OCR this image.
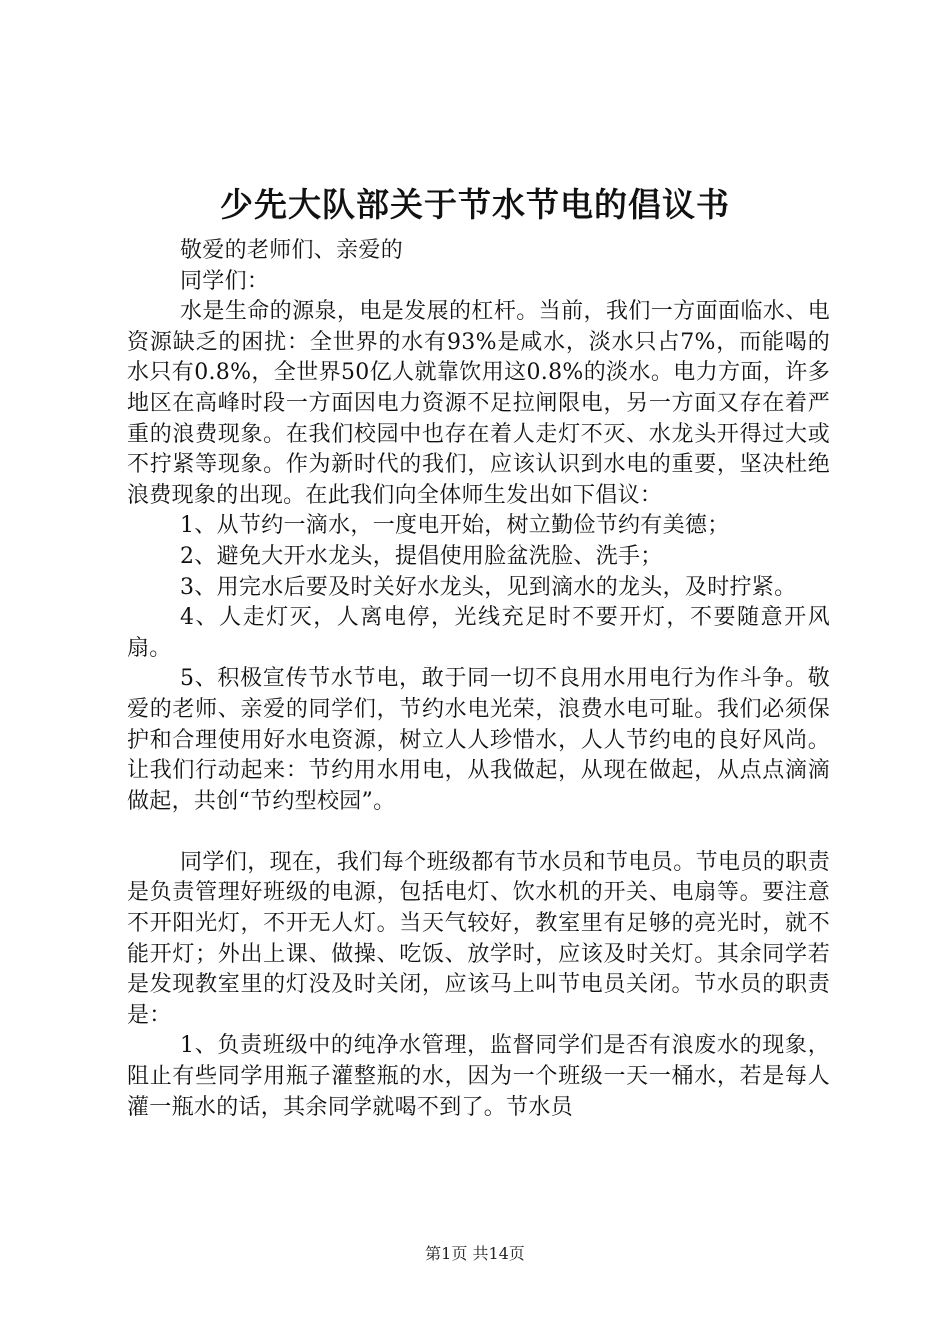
少先大队部关于节水节电的倡议书

敬爱的老师们、亲爱的

同学们：

水是生命的源泉，电是发展的杠杆。当前，我们一方面面临水、电资源缺乏的困扰：全世界的水有93%是咸水，淡水只占7%，而能喝的水只有0.8%，全世界50亿人就靠饮用这0.8%的淡水。电力方面，许多地区在高峰时段一方面因电力资源不足拉闸限电，另一方面又存在着严重的浪费现象。在我们校园中也存在着人走灯不灭、水龙头开得过大或不拧紧等现象。作为新时代的我们，应该认识到水电的重要，坚决杜绝浪费现象的出现。在此我们向全体师生发出如下倡议：

1、从节约一滴水，一度电开始，树立勤俭节约有美德；

2、避免大开水龙头，提倡使用脸盆洗脸、洗手；

3、用完水后要及时关好水龙头，见到滴水的龙头，及时拧紧。

4、人走灯灭，人离电停，光线充足时不要开灯，不要随意开风扇。

5、积极宣传节水节电，敢于同一切不良用水用电行为作斗争。敬爱的老师、亲爱的同学们，节约水电光荣，浪费水电可耻。我们必须保护和合理使用好水电资源，树立人人珍惜水，人人节约电的良好风尚。让我们行动起来：节约用水用电，从我做起，从现在做起，从点点滴滴做起，共创“节约型校园”。

同学们，现在，我们每个班级都有节水员和节电员。节电员的职责是负责管理好班级的电源，包括电灯、饮水机的开关、电扇等。要注意不开阳光灯，不开无人灯。当天气较好，教室里有足够的亮光时，就不能开灯；外出上课、做操、吃饭、放学时，应该及时关灯。其余同学若是发现教室里的灯没及时关闭，应该马上叫节电员关闭。节水员的职责是：

1、负责班级中的纯净水管理，监督同学们是否有浪废水的现象，阻止有些同学用瓶子灌整瓶的水，因为一个班级一天一桶水，若是每人灌一瓶水的话，其余同学就喝不到了。节水员

第1页 共14页
